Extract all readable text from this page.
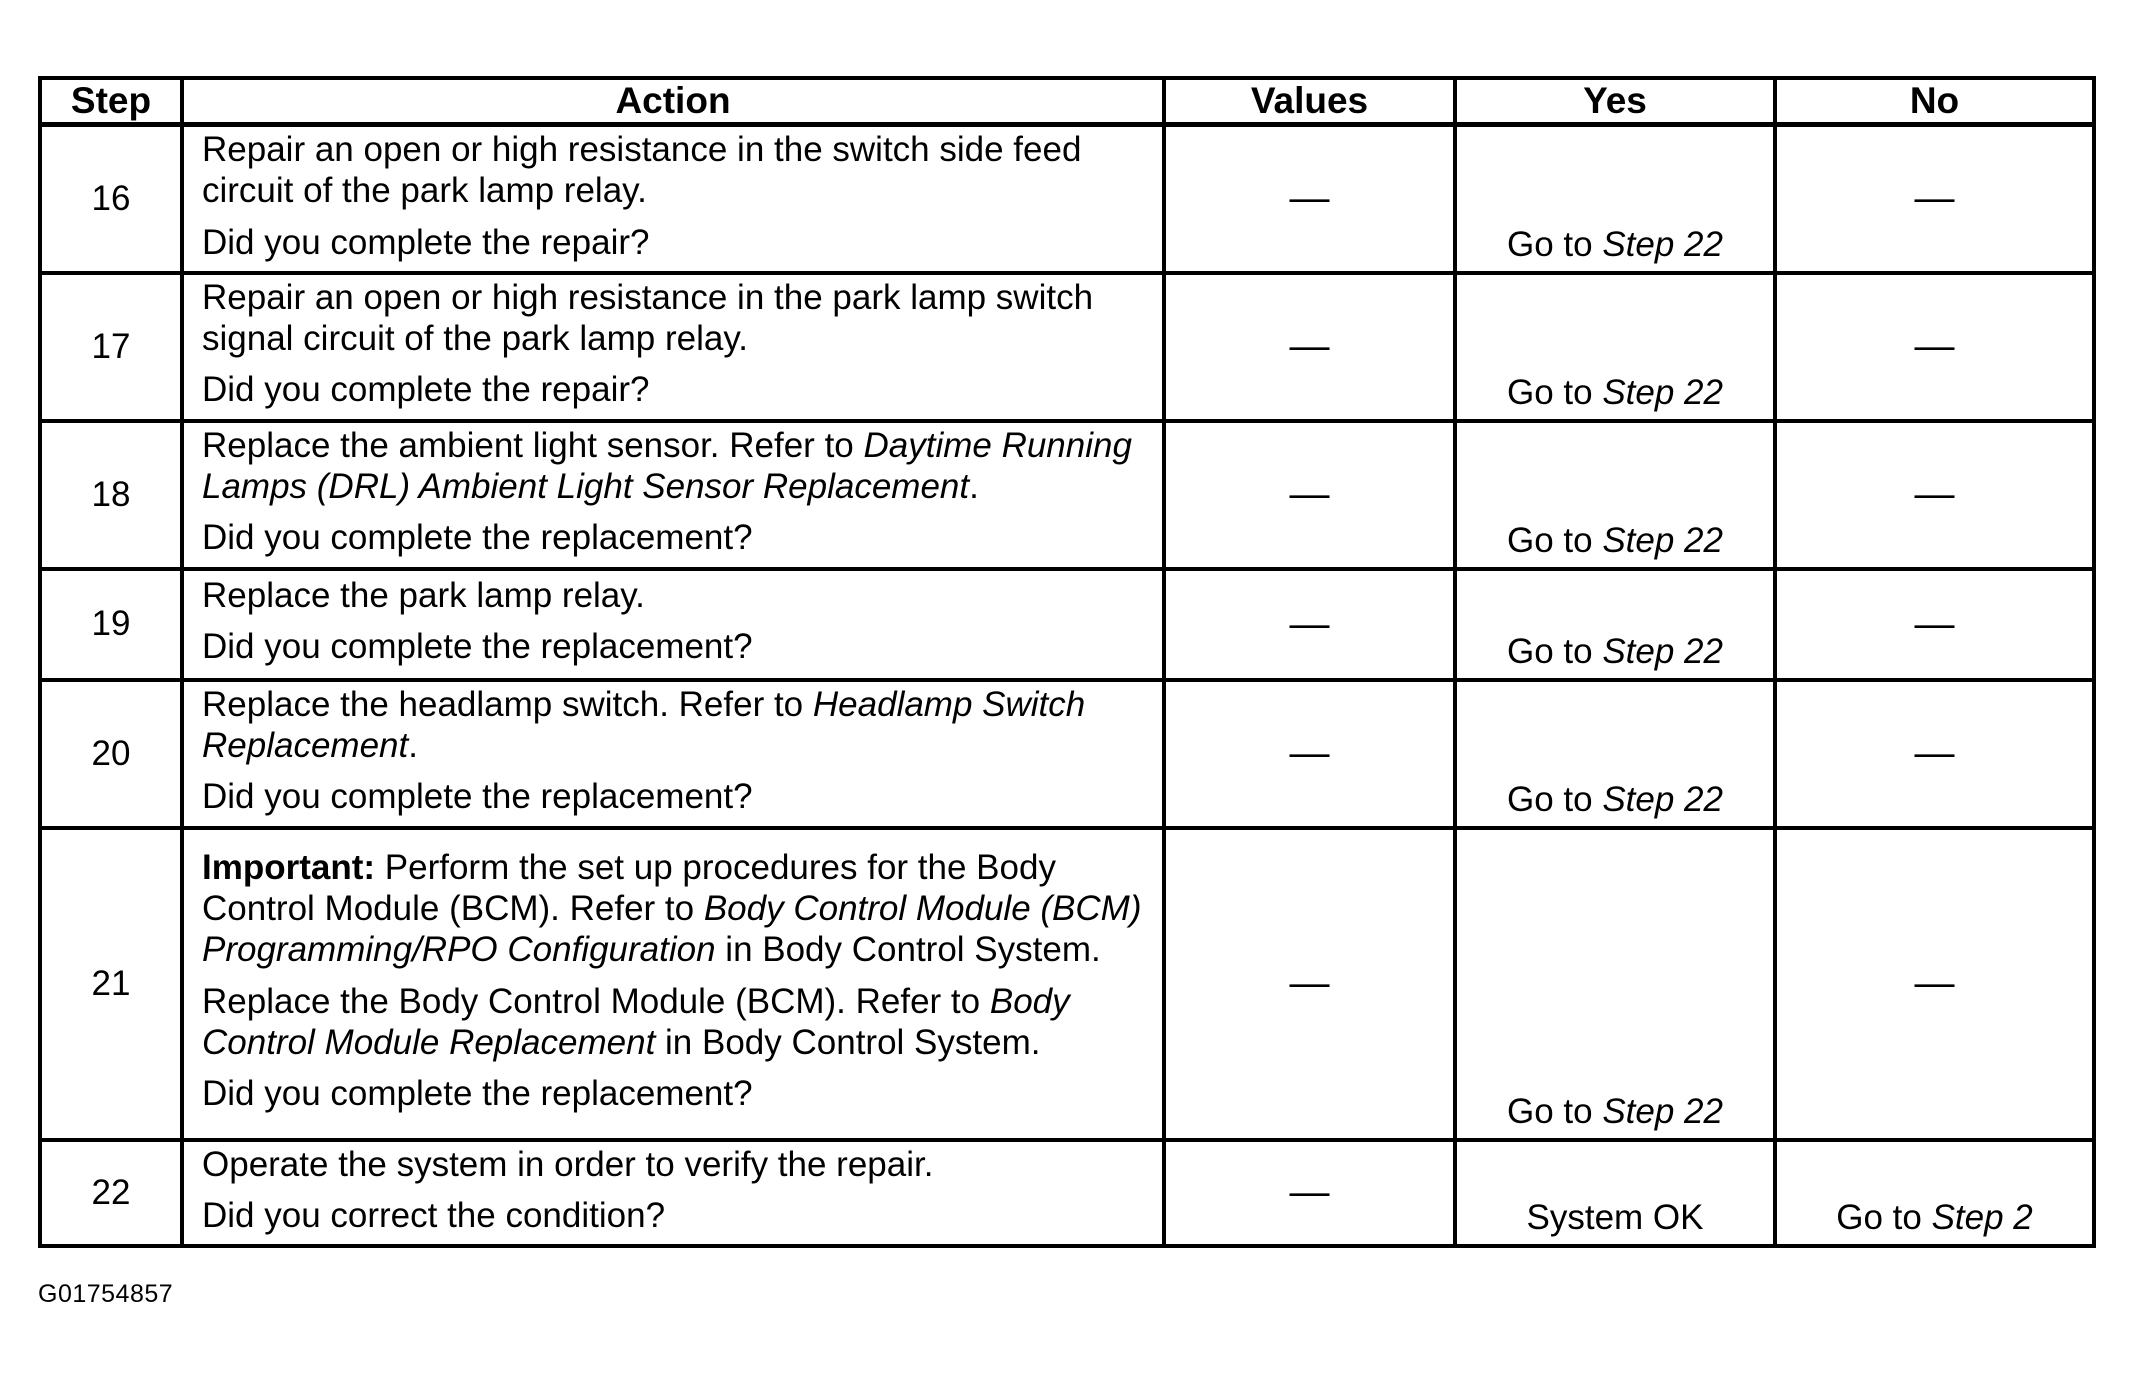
Step	Action	Values	Yes	No
16	Repair an open or high resistance in the switch side feed circuit of the park lamp relay.
Did you complete the repair?	—	Go to Step 22	—
17	Repair an open or high resistance in the park lamp switch signal circuit of the park lamp relay.
Did you complete the repair?	—	Go to Step 22	—
18	Replace the ambient light sensor. Refer to Daytime Running Lamps (DRL) Ambient Light Sensor Replacement.
Did you complete the replacement?	—	Go to Step 22	—
19	Replace the park lamp relay.
Did you complete the replacement?	—	Go to Step 22	—
20	Replace the headlamp switch. Refer to Headlamp Switch Replacement.
Did you complete the replacement?	—	Go to Step 22	—
21	Important: Perform the set up procedures for the Body Control Module (BCM). Refer to Body Control Module (BCM) Programming/RPO Configuration in Body Control System.
Replace the Body Control Module (BCM). Refer to Body Control Module Replacement in Body Control System.
Did you complete the replacement?	—	Go to Step 22	—
22	Operate the system in order to verify the repair.
Did you correct the condition?	—	System OK	Go to Step 2
G01754857
